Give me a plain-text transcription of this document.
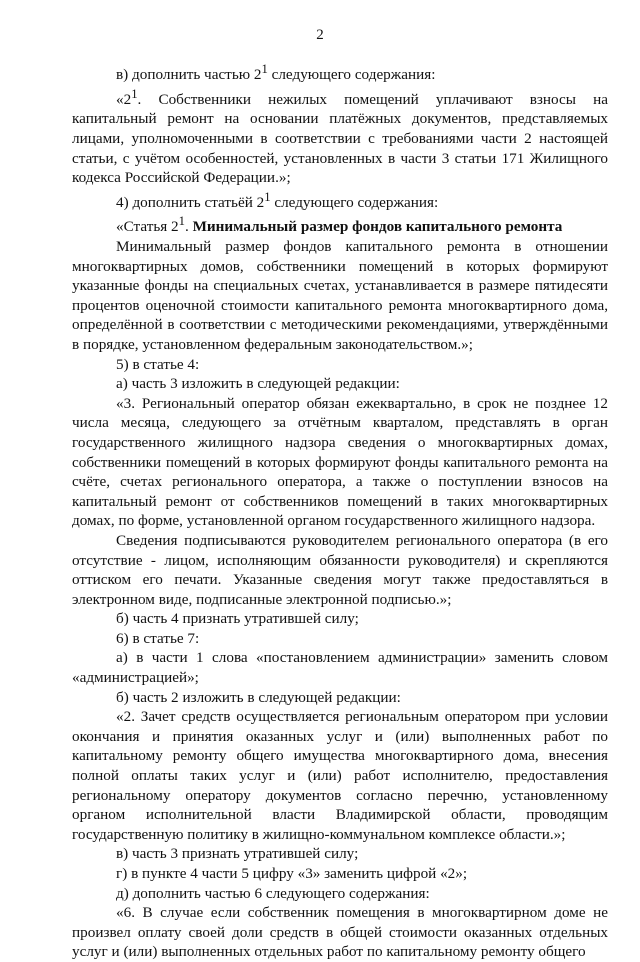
2

в) дополнить частью $2^1$ следующего содержания:

«$2^1$. Собственники нежилых помещений уплачивают взносы на капитальный ремонт на основании платёжных документов, представляемых лицами, уполномоченными в соответствии с требованиями части 2 настоящей статьи, с учётом особенностей, установленных в части 3 статьи 171 Жилищного кодекса Российской Федерации.»;

4) дополнить статьёй $2^1$ следующего содержания:

«Статья $2^1$. Минимальный размер фондов капитального ремонта

Минимальный размер фондов капитального ремонта в отношении многоквартирных домов, собственники помещений в которых формируют указанные фонды на специальных счетах, устанавливается в размере пятидесяти процентов оценочной стоимости капитального ремонта многоквартирного дома, определённой в соответствии с методическими рекомендациями, утверждёнными в порядке, установленном федеральным законодательством.»;

5) в статье 4:

а) часть 3 изложить в следующей редакции:

«3. Региональный оператор обязан ежеквартально, в срок не позднее 12 числа месяца, следующего за отчётным кварталом, представлять в орган государственного жилищного надзора сведения о многоквартирных домах, собственники помещений в которых формируют фонды капитального ремонта на счёте, счетах регионального оператора, а также о поступлении взносов на капитальный ремонт от собственников помещений в таких многоквартирных домах, по форме, установленной органом государственного жилищного надзора.

Сведения подписываются руководителем регионального оператора (в его отсутствие - лицом, исполняющим обязанности руководителя) и скрепляются оттиском его печати. Указанные сведения могут также предоставляться в электронном виде, подписанные электронной подписью.»;

б) часть 4 признать утратившей силу;

6) в статье 7:

а) в части 1 слова «постановлением администрации» заменить словом «администрацией»;

б) часть 2 изложить в следующей редакции:

«2. Зачет средств осуществляется региональным оператором при условии окончания и принятия оказанных услуг и (или) выполненных работ по капитальному ремонту общего имущества многоквартирного дома, внесения полной оплаты таких услуг и (или) работ исполнителю, предоставления региональному оператору документов согласно перечню, установленному органом исполнительной власти Владимирской области, проводящим государственную политику в жилищно-коммунальном комплексе области.»;

в) часть 3 признать утратившей силу;

г) в пункте 4 части 5 цифру «3» заменить цифрой «2»;

д) дополнить частью 6 следующего содержания:

«6. В случае если собственник помещения в многоквартирном доме не произвел оплату своей доли средств в общей стоимости оказанных отдельных услуг и (или) выполненных отдельных работ по капитальному ремонту общего
